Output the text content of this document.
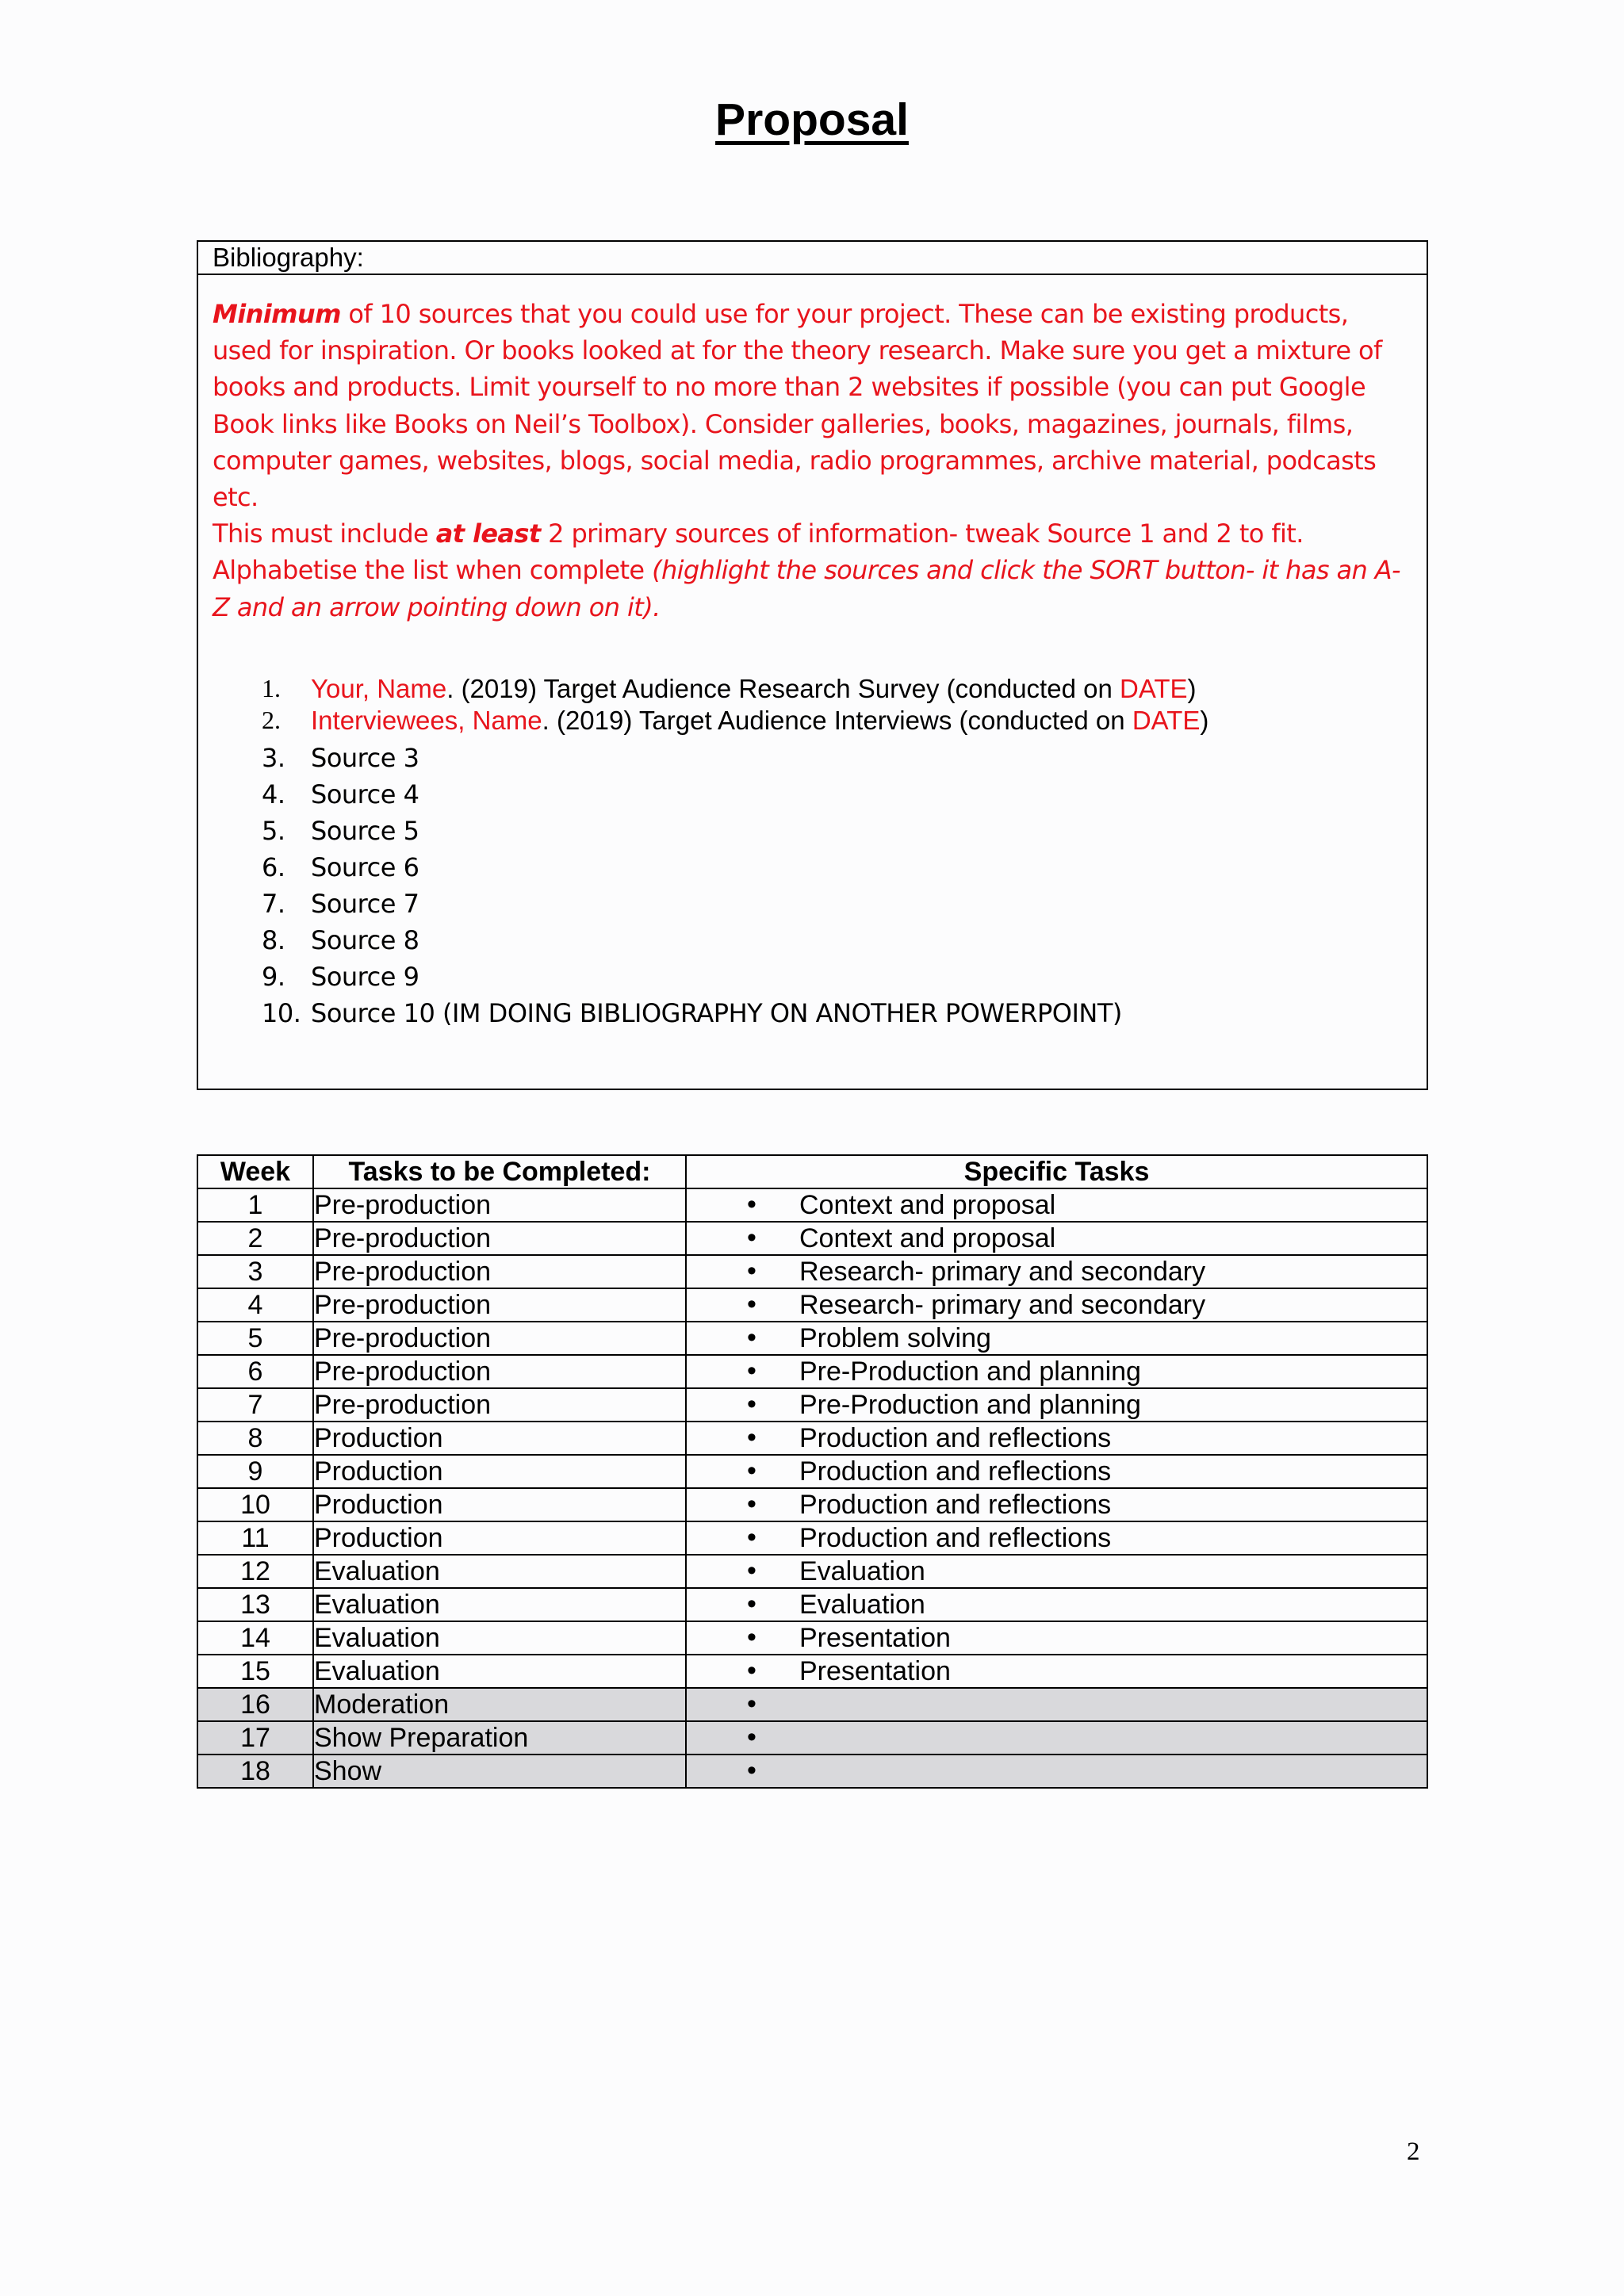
Proposal
Bibliography:
Minimum of 10 sources that you could use for your project. These can be existing products, used for inspiration. Or books looked at for the theory research. Make sure you get a mixture of books and products. Limit yourself to no more than 2 websites if possible (you can put Google Book links like Books on Neil’s Toolbox). Consider galleries, books, magazines, journals, films, computer games, websites, blogs, social media, radio programmes, archive material, podcasts etc.
This must include at least 2 primary sources of information- tweak Source 1 and 2 to fit.
Alphabetise the list when complete (highlight the sources and click the SORT button- it has an A-Z and an arrow pointing down on it).
1. Your, Name. (2019) Target Audience Research Survey (conducted on DATE)
2. Interviewees, Name. (2019) Target Audience Interviews (conducted on DATE)
3. Source 3
4. Source 4
5. Source 5
6. Source 6
7. Source 7
8. Source 8
9. Source 9
10. Source 10 (IM DOING BIBLIOGRAPHY ON ANOTHER POWERPOINT)
Week	Tasks to be Completed:	Specific Tasks
1	Pre-production	• Context and proposal

2	Pre-production	• Context and proposal

3	Pre-production	• Research- primary and secondary

4	Pre-production	• Research- primary and secondary

5	Pre-production	• Problem solving

6	Pre-production	• Pre-Production and planning

7	Pre-production	• Pre-Production and planning

8	Production	• Production and reflections

9	Production	• Production and reflections

10	Production	• Production and reflections

11	Production	• Production and reflections

12	Evaluation	• Evaluation

13	Evaluation	• Evaluation

14	Evaluation	• Presentation

15	Evaluation	• Presentation

16	Moderation	•

17	Show Preparation	•

18	Show	•
2
